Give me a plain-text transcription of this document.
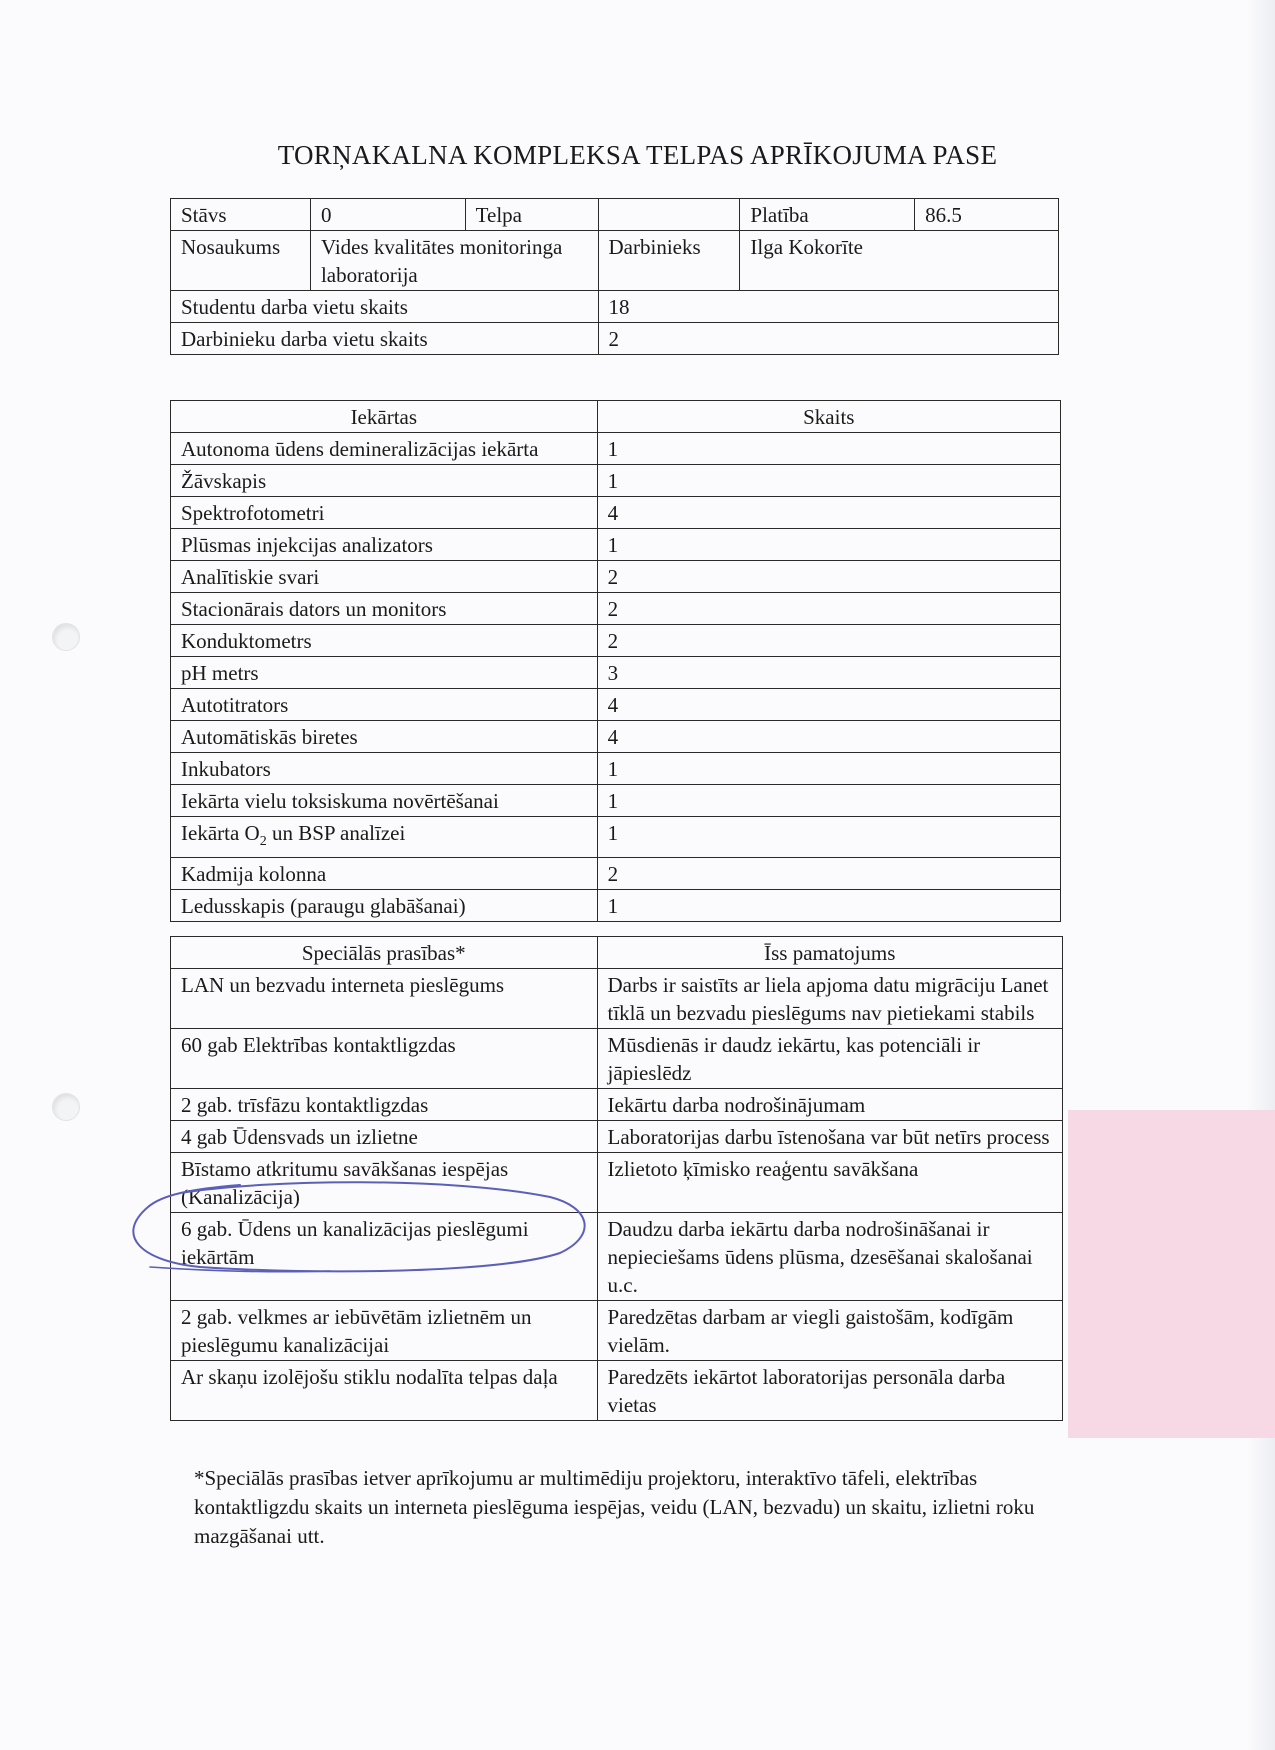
TORŅAKALNA KOMPLEKSA TELPAS APRĪKOJUMA PASE
Stāvs	0	Telpa		Platība	86.5
Nosaukums	Vides kvalitātes monitoringa laboratorija		Darbinieks	Ilga Kokorīte	
Studentu darba vietu skaits			18		
Darbinieku darba vietu skaits			2		
Iekārtas	Skaits
Autonoma ūdens demineralizācijas iekārta	1
Žāvskapis	1
Spektrofotometri	4
Plūsmas injekcijas analizators	1
Analītiskie svari	2
Stacionārais dators un monitors	2
Konduktometrs	2
pH metrs	3
Autotitrators	4
Automātiskās biretes	4
Inkubators	1
Iekārta vielu toksiskuma novērtēšanai	1
Iekārta $O_2$ un BSP analīzei	1
Kadmija kolonna	2
Ledusskapis (paraugu glabāšanai)	1
Speciālās prasības*	Īss pamatojums
LAN un bezvadu interneta pieslēgums	Darbs ir saistīts ar liela apjoma datu migrāciju Lanet tīklā un bezvadu pieslēgums nav pietiekami stabils
60 gab Elektrības kontaktligzdas	Mūsdienās ir daudz iekārtu, kas potenciāli ir jāpieslēdz
2 gab. trīsfāzu kontaktligzdas	Iekārtu darba nodrošinājumam
4 gab Ūdensvads un izlietne	Laboratorijas darbu īstenošana var būt netīrs process
Bīstamo atkritumu savākšanas iespējas (Kanalizācija)	Izlietoto ķīmisko reaģentu savākšana
6 gab. Ūdens un kanalizācijas pieslēgumi iekārtām	Daudzu darba iekārtu darba nodrošināšanai ir nepieciešams ūdens plūsma, dzesēšanai skalošanai u.c.
2 gab. velkmes ar iebūvētām izlietnēm un pieslēgumu kanalizācijai	Paredzētas darbam ar viegli gaistošām, kodīgām vielām.
Ar skaņu izolējošu stiklu nodalīta telpas daļa	Paredzēts iekārtot laboratorijas personāla darba vietas
*Speciālās prasības ietver aprīkojumu ar multimēdiju projektoru, interaktīvo tāfeli, elektrības kontaktligzdu skaits un interneta pieslēguma iespējas, veidu (LAN, bezvadu) un skaitu, izlietni roku mazgāšanai utt.
